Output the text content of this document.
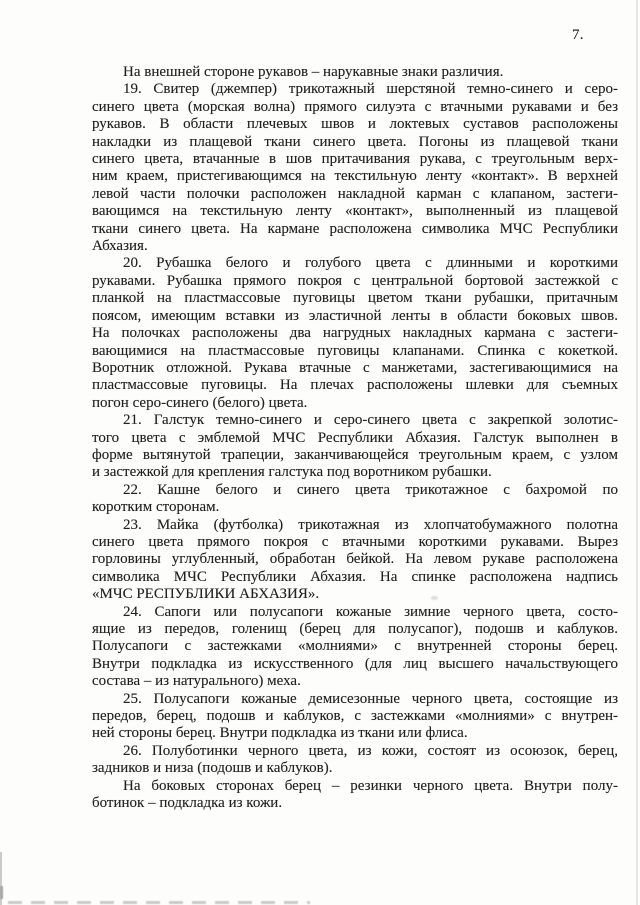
7.
На внешней стороне рукавов – нарукавные знаки различия.
19. Свитер (джемпер) трикотажный шерстяной темно-синего и серо-
синего цвета (морская волна) прямого силуэта с втачными рукавами и без
рукавов. В области плечевых швов и локтевых суставов расположены
накладки из плащевой ткани синего цвета. Погоны из плащевой ткани
синего цвета, втачанные в шов притачивания рукава, с треугольным верх-
ним краем, пристегивающимся на текстильную ленту «контакт». В верхней
левой части полочки расположен накладной карман с клапаном, застеги-
вающимся на текстильную ленту «контакт», выполненный из плащевой
ткани синего цвета. На кармане расположена символика МЧС Республики
Абхазия.
20. Рубашка белого и голубого цвета с длинными и короткими
рукавами. Рубашка прямого покроя с центральной бортовой застежкой с
планкой на пластмассовые пуговицы цветом ткани рубашки, притачным
поясом, имеющим вставки из эластичной ленты в области боковых швов.
На полочках расположены два нагрудных накладных кармана с застеги-
вающимися на пластмассовые пуговицы клапанами. Спинка с кокеткой.
Воротник отложной. Рукава втачные с манжетами, застегивающимися на
пластмассовые пуговицы. На плечах расположены шлевки для съемных
погон серо-синего (белого) цвета.
21. Галстук темно-синего и серо-синего цвета с закрепкой золотис-
того цвета с эмблемой МЧС Республики Абхазия. Галстук выполнен в
форме вытянутой трапеции, заканчивающейся треугольным краем, с узлом
и застежкой для крепления галстука под воротником рубашки.
22. Кашне белого и синего цвета трикотажное с бахромой по
коротким сторонам.
23. Майка (футболка) трикотажная из хлопчатобумажного полотна
синего цвета прямого покроя с втачными короткими рукавами. Вырез
горловины углубленный, обработан бейкой. На левом рукаве расположена
символика МЧС Республики Абхазия. На спинке расположена надпись
«МЧС РЕСПУБЛИКИ АБХАЗИЯ».
24. Сапоги или полусапоги кожаные зимние черного цвета, состо-
ящие из передов, голенищ (берец для полусапог), подошв и каблуков.
Полусапоги с застежками «молниями» с внутренней стороны берец.
Внутри подкладка из искусственного (для лиц высшего начальствующего
состава – из натурального) меха.
25. Полусапоги кожаные демисезонные черного цвета, состоящие из
передов, берец, подошв и каблуков, с застежками «молниями» с внутрен-
ней стороны берец. Внутри подкладка из ткани или флиса.
26. Полуботинки черного цвета, из кожи, состоят из осоюзок, берец,
задников и низа (подошв и каблуков).
На боковых сторонах берец – резинки черного цвета. Внутри полу-
ботинок – подкладка из кожи.
